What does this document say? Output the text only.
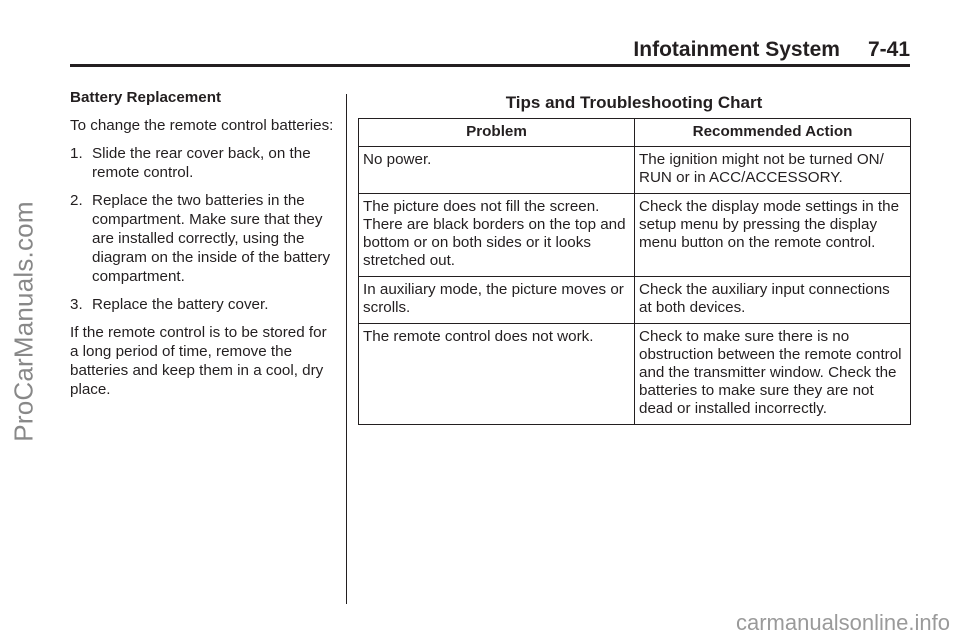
ProCarManuals.com
Infotainment System 7-41
Battery Replacement

To change the remote control batteries:

1. Slide the rear cover back, on the remote control.
2. Replace the two batteries in the compartment. Make sure that they are installed correctly, using the diagram on the inside of the battery compartment.
3. Replace the battery cover.

If the remote control is to be stored for a long period of time, remove the batteries and keep them in a cool, dry place.

Tips and Troubleshooting Chart
Problem	Recommended Action
No power.	The ignition might not be turned ON/ RUN or in ACC/ACCESSORY.
The picture does not fill the screen. There are black borders on the top and bottom or on both sides or it looks stretched out.	Check the display mode settings in the setup menu by pressing the display menu button on the remote control.
In auxiliary mode, the picture moves or scrolls.	Check the auxiliary input connections at both devices.
The remote control does not work.	Check to make sure there is no obstruction between the remote control and the transmitter window. Check the batteries to make sure they are not dead or installed incorrectly.
carmanualsonline.info
